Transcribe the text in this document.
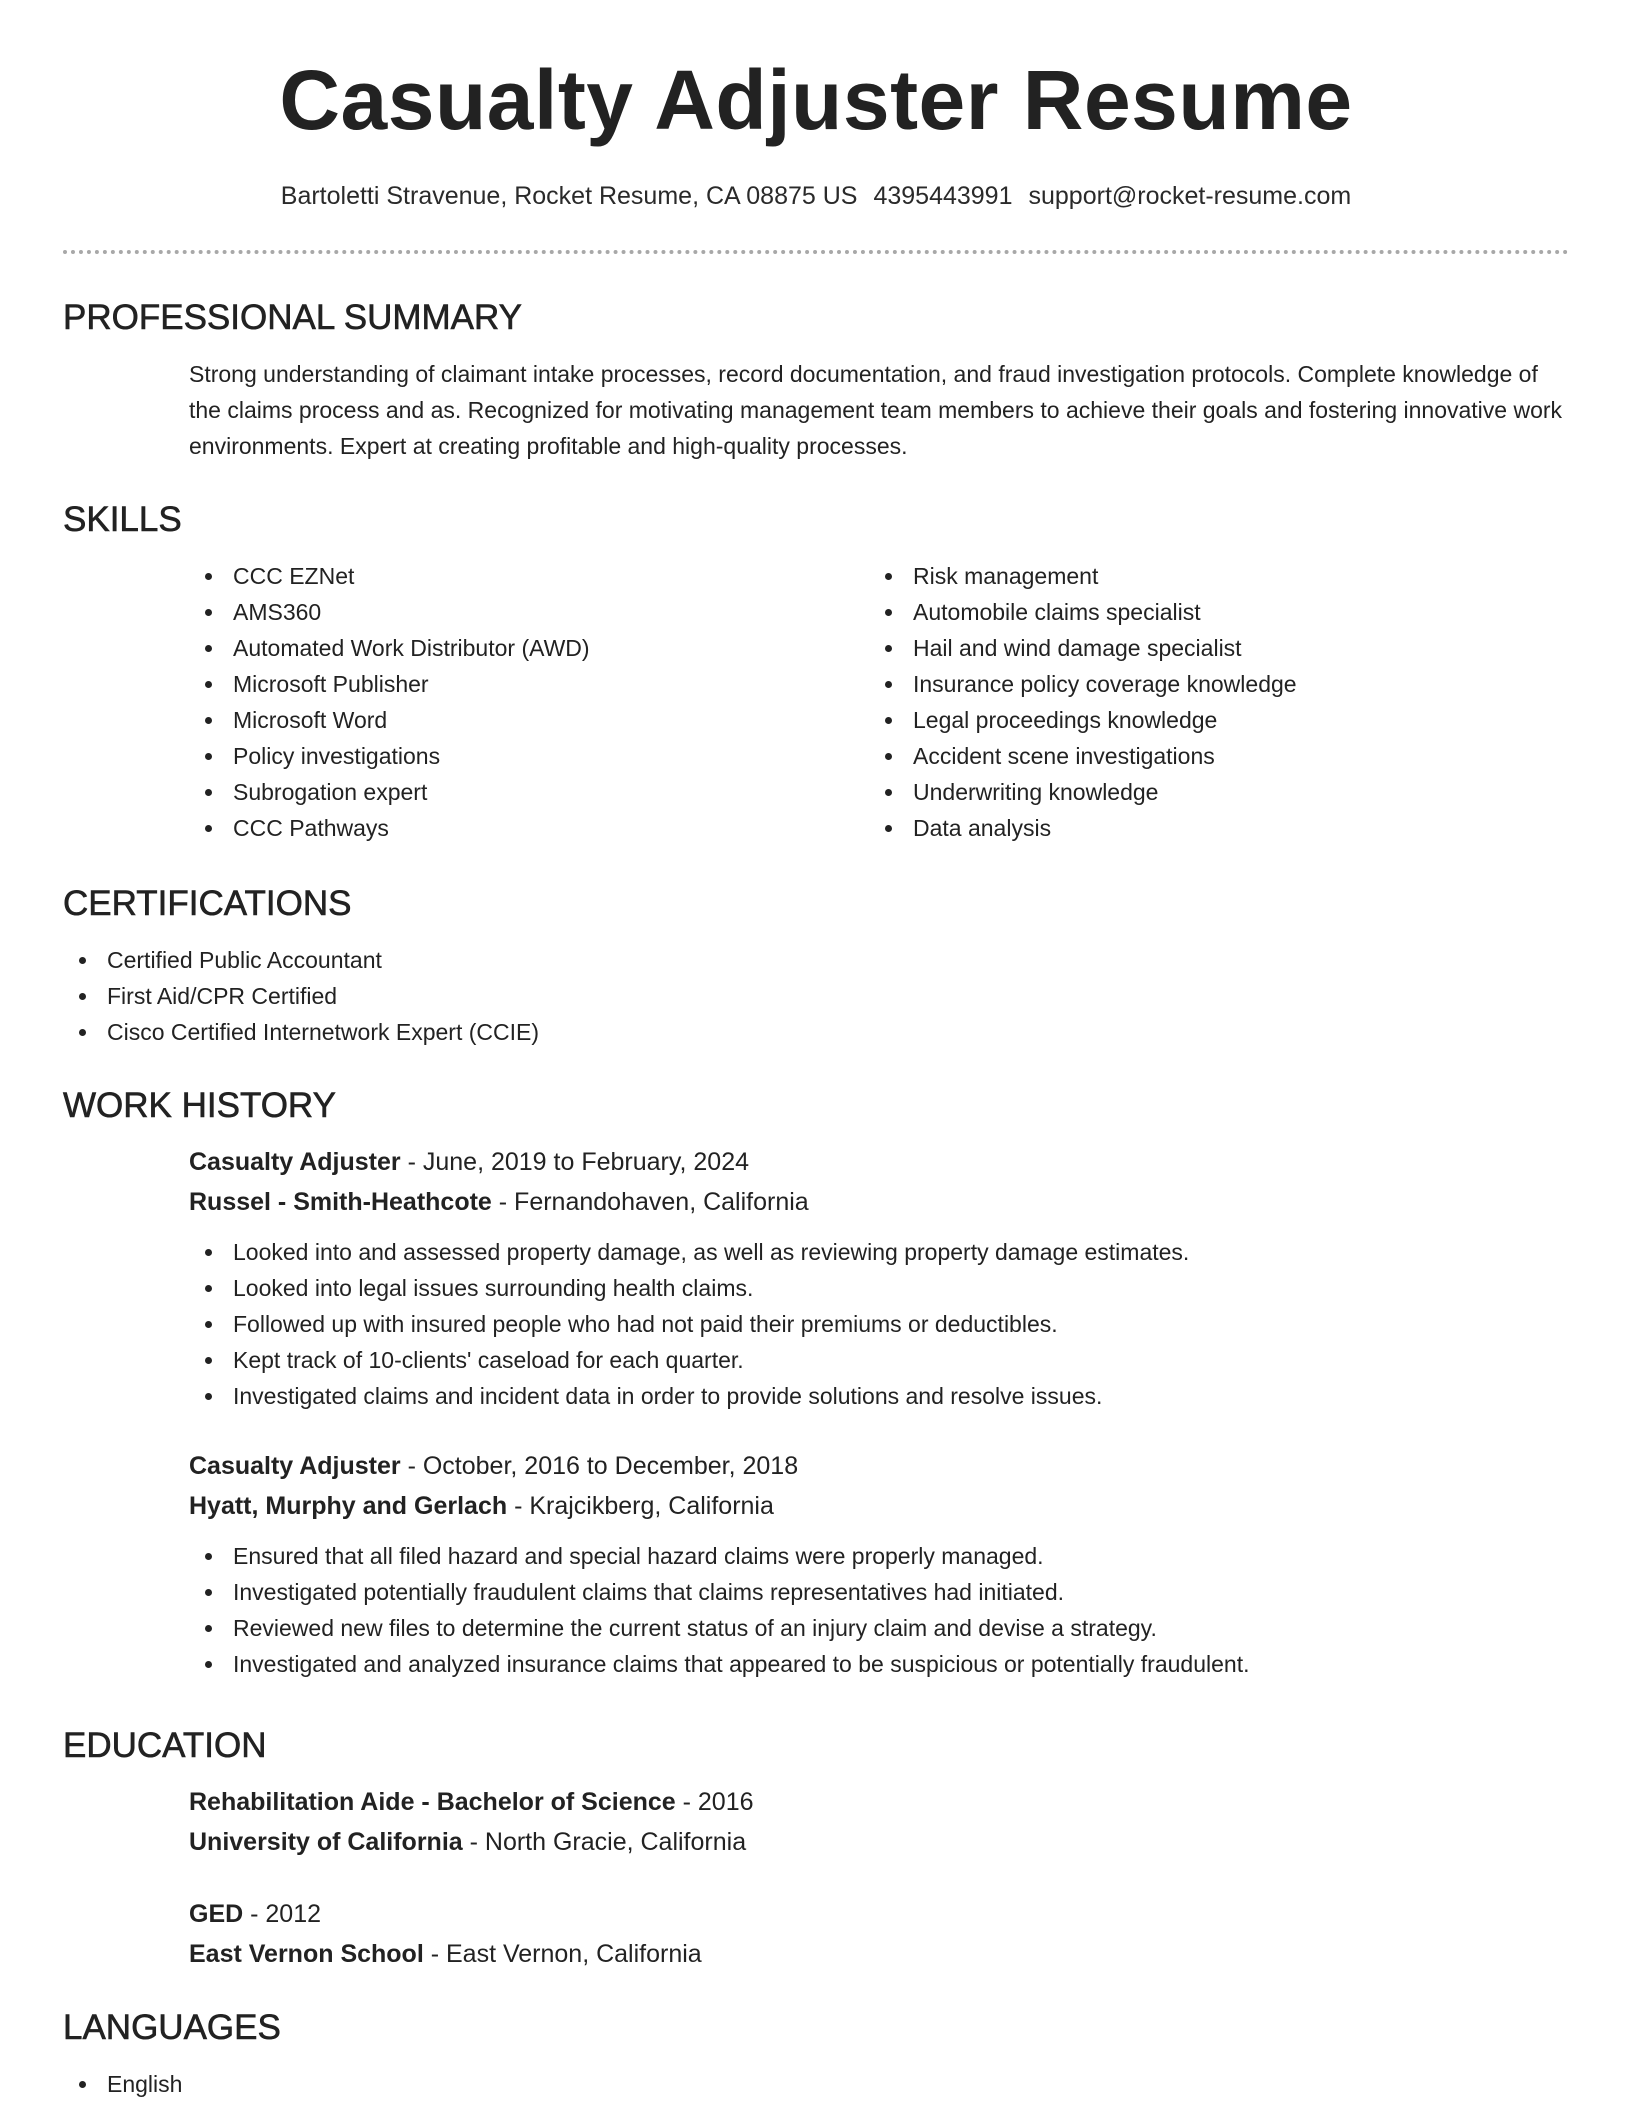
Casualty Adjuster Resume
Bartoletti Stravenue, Rocket Resume, CA 08875 US 4395443991 support@rocket-resume.com
PROFESSIONAL SUMMARY
Strong understanding of claimant intake processes, record documentation, and fraud investigation protocols. Complete knowledge of the claims process and as. Recognized for motivating management team members to achieve their goals and fostering innovative work environments. Expert at creating profitable and high-quality processes.
SKILLS
CCC EZNet
AMS360
Automated Work Distributor (AWD)
Microsoft Publisher
Microsoft Word
Policy investigations
Subrogation expert
CCC Pathways
Risk management
Automobile claims specialist
Hail and wind damage specialist
Insurance policy coverage knowledge
Legal proceedings knowledge
Accident scene investigations
Underwriting knowledge
Data analysis
CERTIFICATIONS
Certified Public Accountant
First Aid/CPR Certified
Cisco Certified Internetwork Expert (CCIE)
WORK HISTORY
Casualty Adjuster - June, 2019 to February, 2024
Russel - Smith-Heathcote - Fernandohaven, California
Looked into and assessed property damage, as well as reviewing property damage estimates.
Looked into legal issues surrounding health claims.
Followed up with insured people who had not paid their premiums or deductibles.
Kept track of 10-clients' caseload for each quarter.
Investigated claims and incident data in order to provide solutions and resolve issues.
Casualty Adjuster - October, 2016 to December, 2018
Hyatt, Murphy and Gerlach - Krajcikberg, California
Ensured that all filed hazard and special hazard claims were properly managed.
Investigated potentially fraudulent claims that claims representatives had initiated.
Reviewed new files to determine the current status of an injury claim and devise a strategy.
Investigated and analyzed insurance claims that appeared to be suspicious or potentially fraudulent.
EDUCATION
Rehabilitation Aide - Bachelor of Science - 2016
University of California - North Gracie, California
GED - 2012
East Vernon School - East Vernon, California
LANGUAGES
English
